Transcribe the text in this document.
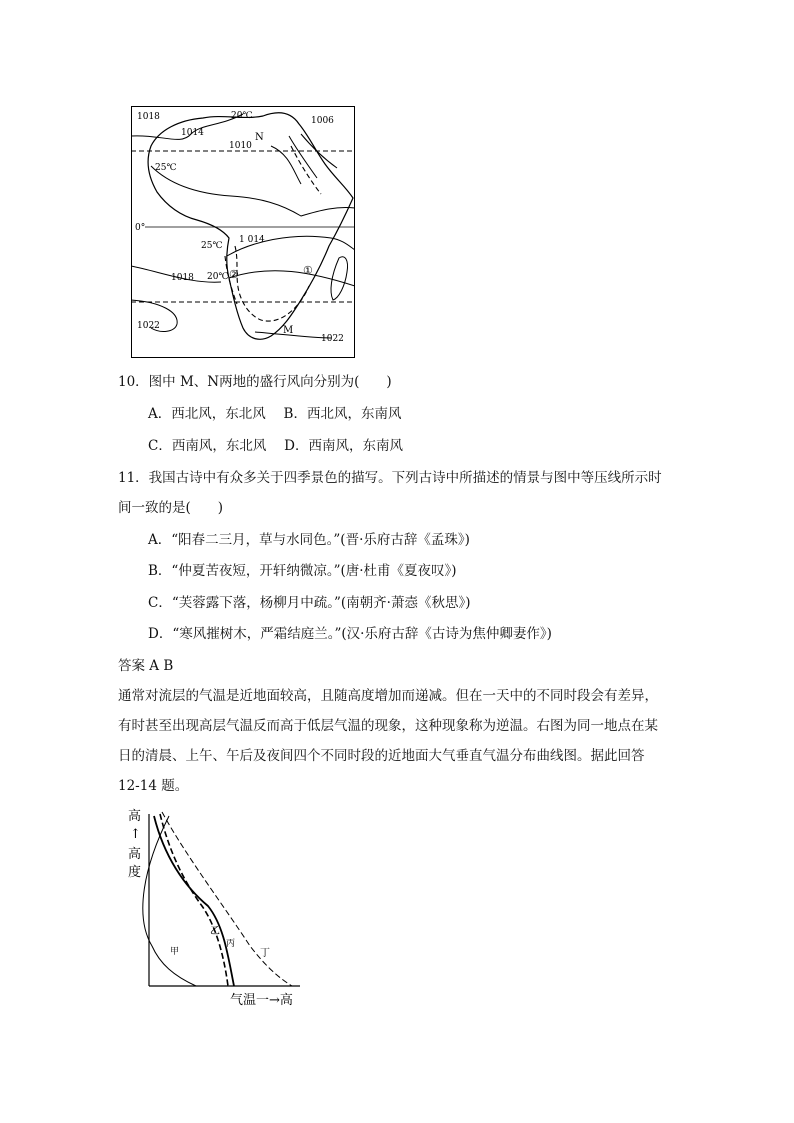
1018
1014
1010
1006
1 014
1018
1022
1022
20℃
25℃
25℃
20℃
0°
N
M
①
②
10．图中 M、N两地的盛行风向分别为(　　)
A．西北风，东北风　 B．西北风，东南风
C．西南风，东北风　 D．西南风，东南风
11．我国古诗中有众多关于四季景色的描写。下列古诗中所描述的情景与图中等压线所示时
间一致的是(　　)
A．“阳春二三月，草与水同色。”(晋·乐府古辞《孟珠》)
B．“仲夏苦夜短，开轩纳微凉。”(唐·杜甫《夏夜叹》)
C．“芙蓉露下落，杨柳月中疏。”(南朝齐·萧悫《秋思》)
D．“寒风摧树木，严霜结庭兰。”(汉·乐府古辞《古诗为焦仲卿妻作》)
答案 A B
通常对流层的气温是近地面较高，且随高度增加而递减。但在一天中的不同时段会有差异，
有时甚至出现高层气温反而高于低层气温的现象，这种现象称为逆温。右图为同一地点在某
日的清晨、上午、午后及夜间四个不同时段的近地面大气垂直气温分布曲线图。据此回答
12-14 题。
高
↑
高
度
甲
乙
丙
丁
气温一→高
